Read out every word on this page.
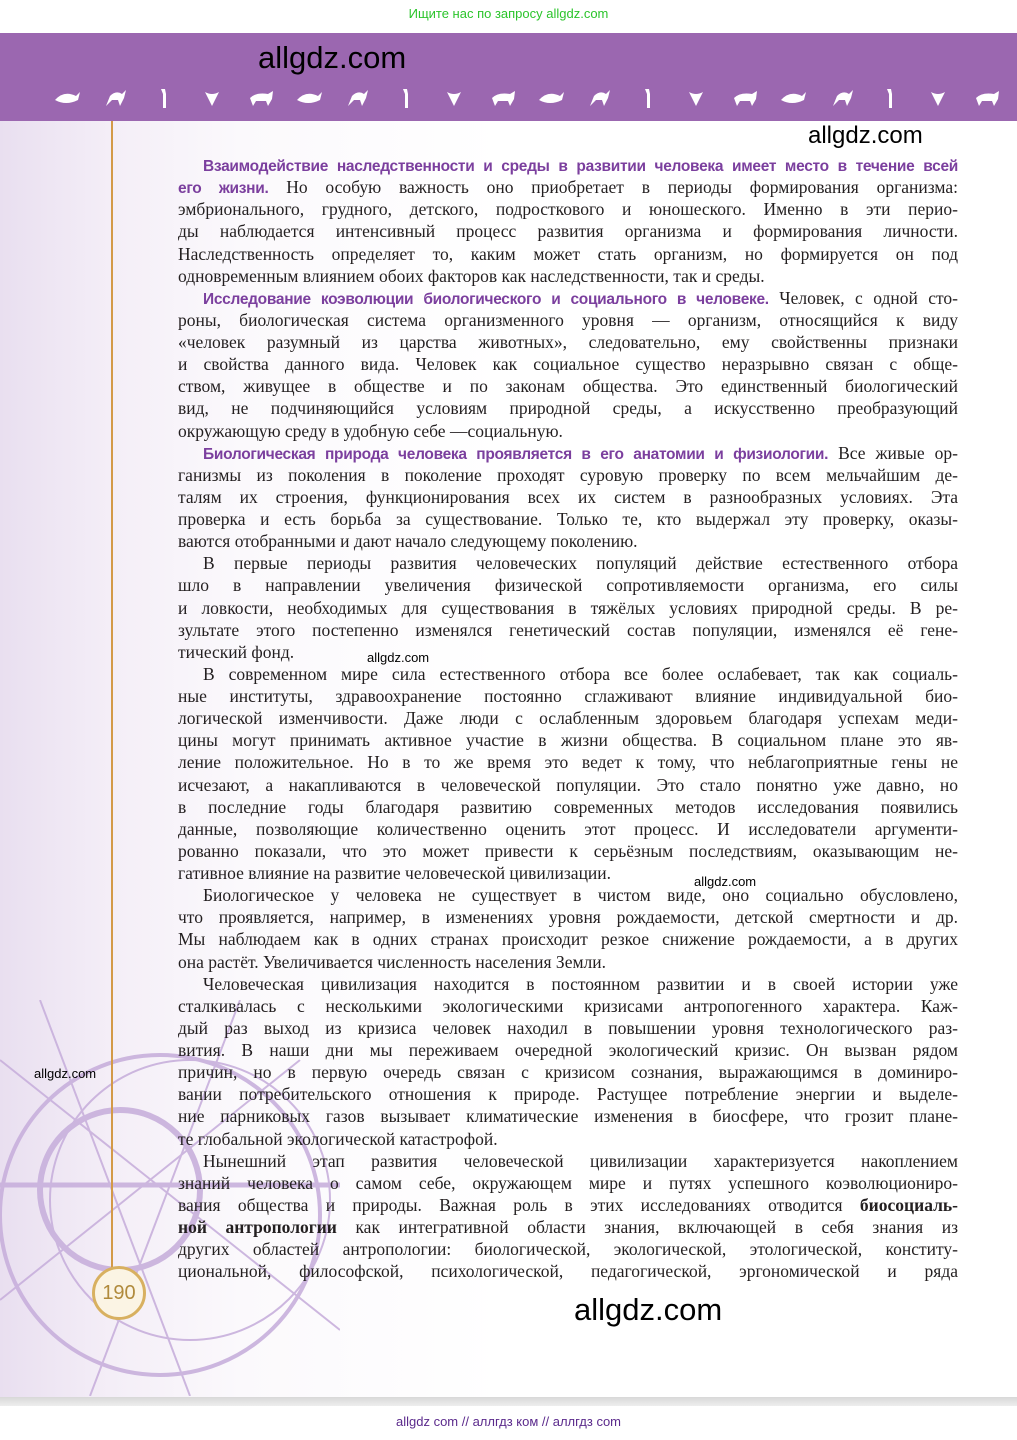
Ищите нас по запросу allgdz.com
190
Взаимодействие наследственности и среды в развитии человека имеет место в течение всей
его жизни. Но особую важность оно приобретает в периоды формирования организма:
эмбрионального, грудного, детского, подросткового и юношеского. Именно в эти перио-
ды наблюдается интенсивный процесс развития организма и формирования личности.
Наследственность определяет то, каким может стать организм, но формируется он под
одновременным влиянием обоих факторов как наследственности, так и среды.
Исследование коэволюции биологического и социального в человеке. Человек, с одной сто-
роны, биологическая система организменного уровня — организм, относящийся к виду
«человек разумный из царства животных», следовательно, ему свойственны признаки
и свойства данного вида. Человек как социальное существо неразрывно связан с обще-
ством, живущее в обществе и по законам общества. Это единственный биологический
вид, не подчиняющийся условиям природной среды, а искусственно преобразующий
окружающую среду в удобную себе —социальную.
Биологическая природа человека проявляется в его анатомии и физиологии. Все живые ор-
ганизмы из поколения в поколение проходят суровую проверку по всем мельчайшим де-
талям их строения, функционирования всех их систем в разнообразных условиях. Эта
проверка и есть борьба за существование. Только те, кто выдержал эту проверку, оказы-
ваются отобранными и дают начало следующему поколению.
В первые периоды развития человеческих популяций действие естественного отбора
шло в направлении увеличения физической сопротивляемости организма, его силы
и ловкости, необходимых для существования в тяжёлых условиях природной среды. В ре-
зультате этого постепенно изменялся генетический состав популяции, изменялся её гене-
тический фонд.
В современном мире сила естественного отбора все более ослабевает, так как социаль-
ные институты, здравоохранение постоянно сглаживают влияние индивидуальной био-
логической изменчивости. Даже люди с ослабленным здоровьем благодаря успехам меди-
цины могут принимать активное участие в жизни общества. В социальном плане это яв-
ление положительное. Но в то же время это ведет к тому, что неблагоприятные гены не
исчезают, а накапливаются в человеческой популяции. Это стало понятно уже давно, но
в последние годы благодаря развитию современных методов исследования появились
данные, позволяющие количественно оценить этот процесс. И исследователи аргументи-
рованно показали, что это может привести к серьёзным последствиям, оказывающим не-
гативное влияние на развитие человеческой цивилизации.
Биологическое у человека не существует в чистом виде, оно социально обусловлено,
что проявляется, например, в изменениях уровня рождаемости, детской смертности и др.
Мы наблюдаем как в одних странах происходит резкое снижение рождаемости, а в других
она растёт. Увеличивается численность населения Земли.
Человеческая цивилизация находится в постоянном развитии и в своей истории уже
сталкивалась с несколькими экологическими кризисами антропогенного характера. Каж-
дый раз выход из кризиса человек находил в повышении уровня технологического раз-
вития. В наши дни мы переживаем очередной экологический кризис. Он вызван рядом
причин, но в первую очередь связан с кризисом сознания, выражающимся в доминиро-
вании потребительского отношения к природе. Растущее потребление энергии и выделе-
ние парниковых газов вызывает климатические изменения в биосфере, что грозит плане-
те глобальной экологической катастрофой.
Нынешний этап развития человеческой цивилизации характеризуется накоплением
знаний человека о самом себе, окружающем мире и путях успешного коэволюциониро-
вания общества и природы. Важная роль в этих исследованиях отводится биосоциаль-
ной антропологии как интегративной области знания, включающей в себя знания из
других областей антропологии: биологической, экологической, этологической, конститу-
циональной, философской, психологической, педагогической, эргономической и ряда
allgdz.com
allgdz.com
allgdz.com
allgdz.com
allgdz.com
allgdz.com
allgdz com // аллгдз ком // аллгдз com
